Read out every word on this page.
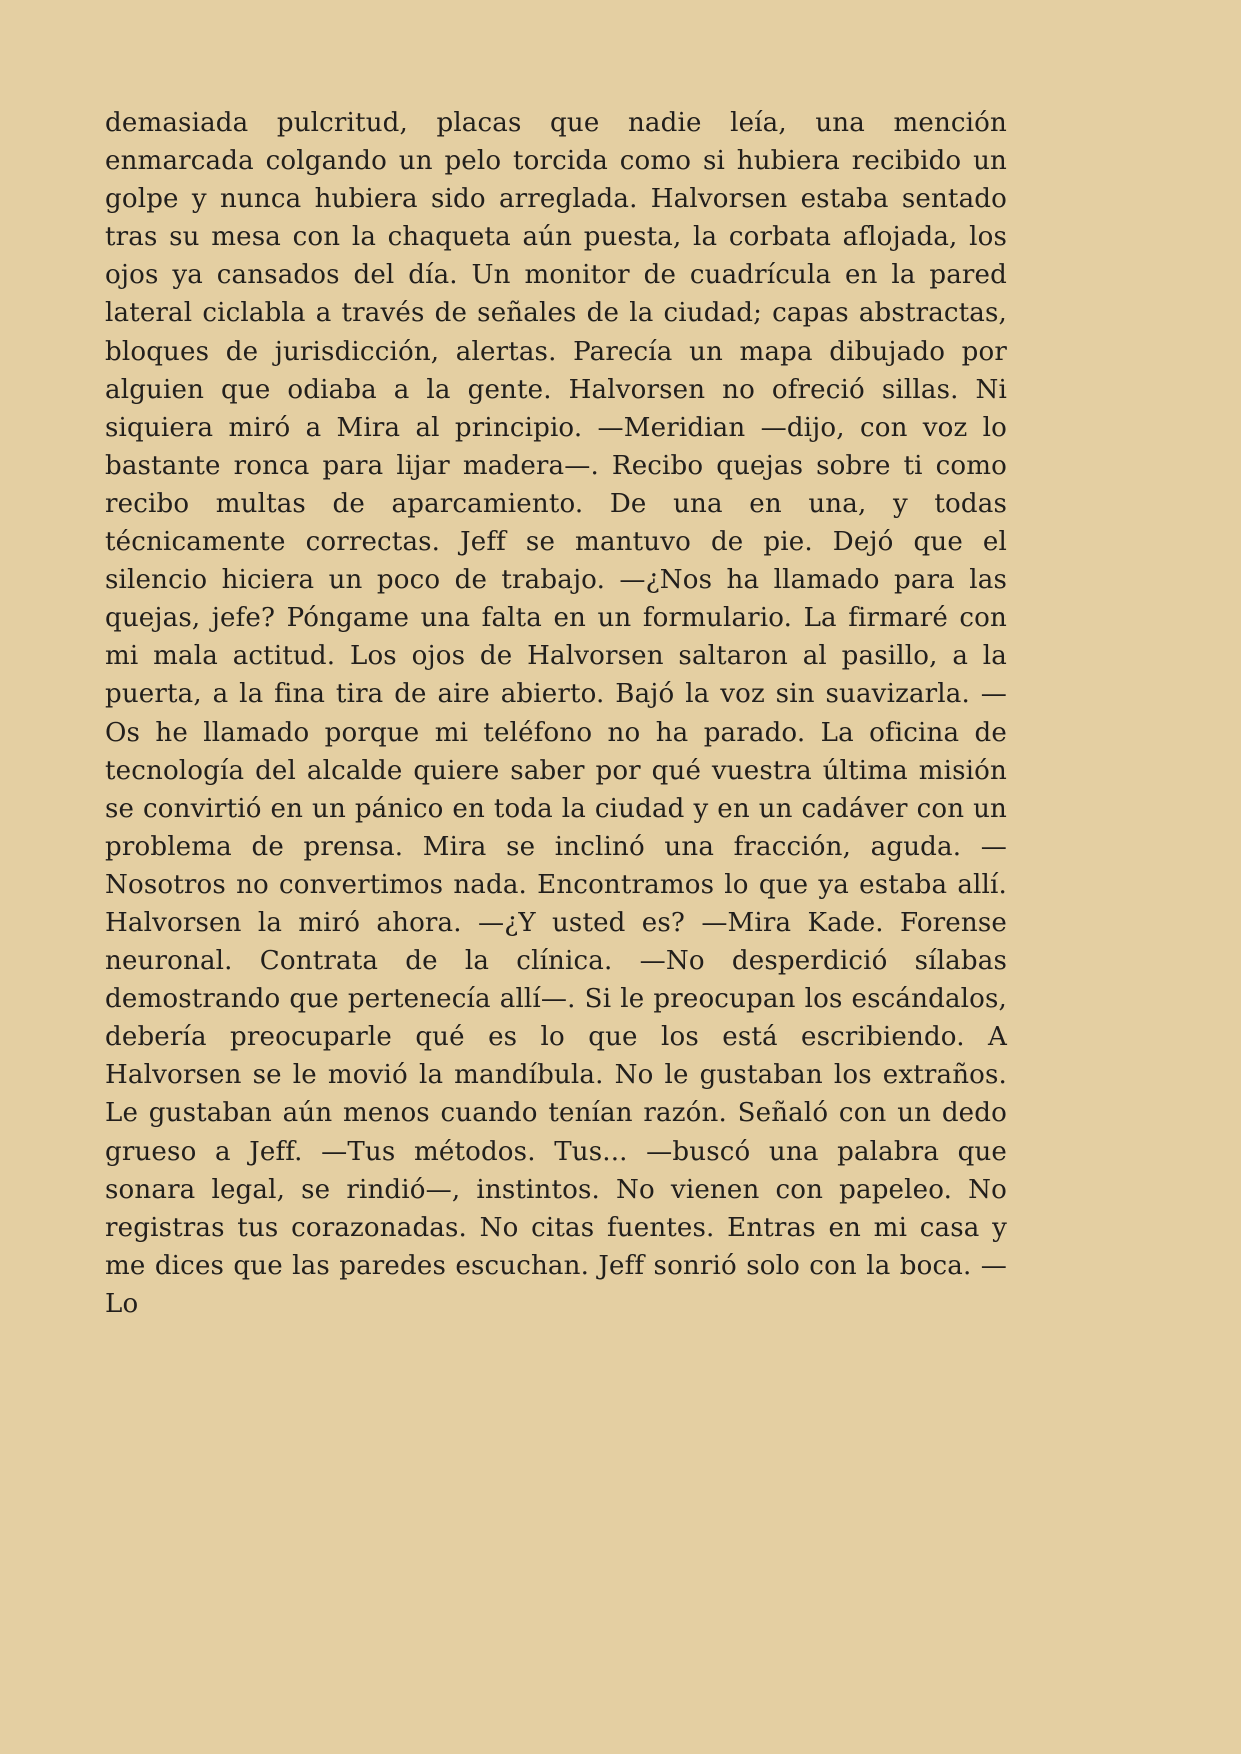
demasiada pulcritud, placas que nadie leía, una mención enmarcada colgando un pelo torcida como si hubiera recibido un golpe y nunca hubiera sido arreglada. Halvorsen estaba sentado tras su mesa con la chaqueta aún puesta, la corbata aflojada, los ojos ya cansados del día. Un monitor de cuadrícula en la pared lateral ciclabla a través de señales de la ciudad; capas abstractas, bloques de jurisdicción, alertas. Parecía un mapa dibujado por alguien que odiaba a la gente. Halvorsen no ofreció sillas. Ni siquiera miró a Mira al principio. —Meridian —dijo, con voz lo bastante ronca para lijar madera—. Recibo quejas sobre ti como recibo multas de aparcamiento. De una en una, y todas técnicamente correctas. Jeff se mantuvo de pie. Dejó que el silencio hiciera un poco de trabajo. —¿Nos ha llamado para las quejas, jefe? Póngame una falta en un formulario. La firmaré con mi mala actitud. Los ojos de Halvorsen saltaron al pasillo, a la puerta, a la fina tira de aire abierto. Bajó la voz sin suavizarla. —Os he llamado porque mi teléfono no ha parado. La oficina de tecnología del alcalde quiere saber por qué vuestra última misión se convirtió en un pánico en toda la ciudad y en un cadáver con un problema de prensa. Mira se inclinó una fracción, aguda. —Nosotros no convertimos nada. Encontramos lo que ya estaba allí. Halvorsen la miró ahora. —¿Y usted es? —Mira Kade. Forense neuronal. Contrata de la clínica. —No desperdició sílabas demostrando que pertenecía allí—. Si le preocupan los escándalos, debería preocuparle qué es lo que los está escribiendo. A Halvorsen se le movió la mandíbula. No le gustaban los extraños. Le gustaban aún menos cuando tenían razón. Señaló con un dedo grueso a Jeff. —Tus métodos. Tus... —buscó una palabra que sonara legal, se rindió—, instintos. No vienen con papeleo. No registras tus corazonadas. No citas fuentes. Entras en mi casa y me dices que las paredes escuchan. Jeff sonrió solo con la boca. —Lo
